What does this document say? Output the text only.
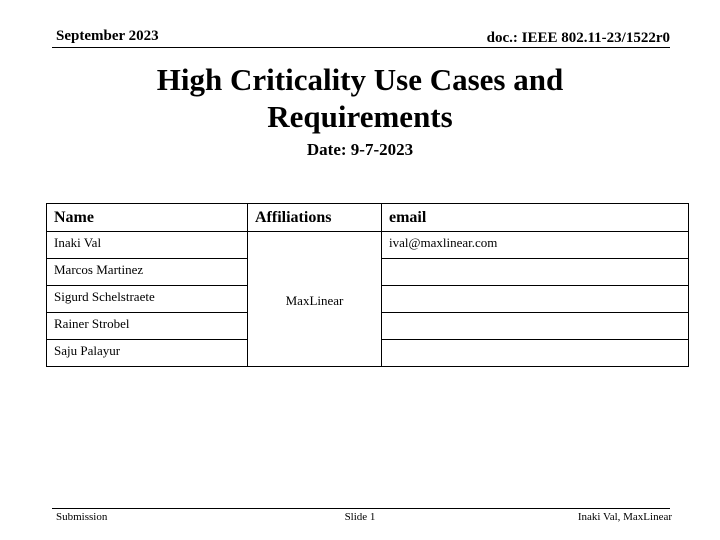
September 2023	doc.: IEEE 802.11-23/1522r0
High Criticality Use Cases and Requirements
Date: 9-7-2023
Name	Affiliations	email
Inaki Val	MaxLinear	ival@maxlinear.com
Marcos Martinez		
Sigurd Schelstraete		
Rainer Strobel		
Saju Palayur		
Submission	Slide 1	Inaki Val, MaxLinear
